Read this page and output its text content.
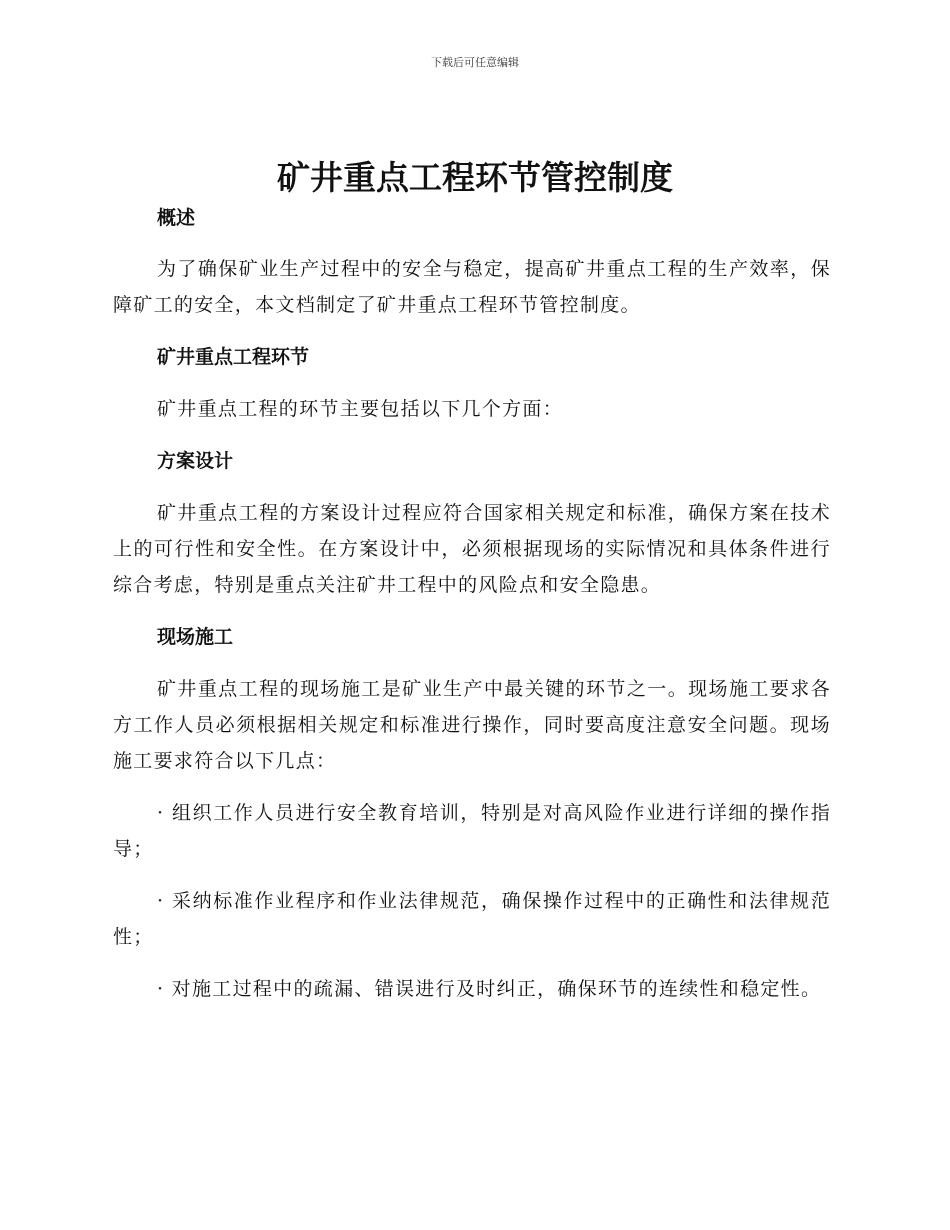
下载后可任意编辑
矿井重点工程环节管控制度

概述

为了确保矿业生产过程中的安全与稳定，提高矿井重点工程的生产效率，保障矿工的安全，本文档制定了矿井重点工程环节管控制度。

矿井重点工程环节

矿井重点工程的环节主要包括以下几个方面：

方案设计

矿井重点工程的方案设计过程应符合国家相关规定和标准，确保方案在技术上的可行性和安全性。在方案设计中，必须根据现场的实际情况和具体条件进行综合考虑，特别是重点关注矿井工程中的风险点和安全隐患。

现场施工

矿井重点工程的现场施工是矿业生产中最关键的环节之一。现场施工要求各方工作人员必须根据相关规定和标准进行操作，同时要高度注意安全问题。现场施工要求符合以下几点：

· 组织工作人员进行安全教育培训，特别是对高风险作业进行详细的操作指导；

· 采纳标准作业程序和作业法律规范，确保操作过程中的正确性和法律规范性；

· 对施工过程中的疏漏、错误进行及时纠正，确保环节的连续性和稳定性。
